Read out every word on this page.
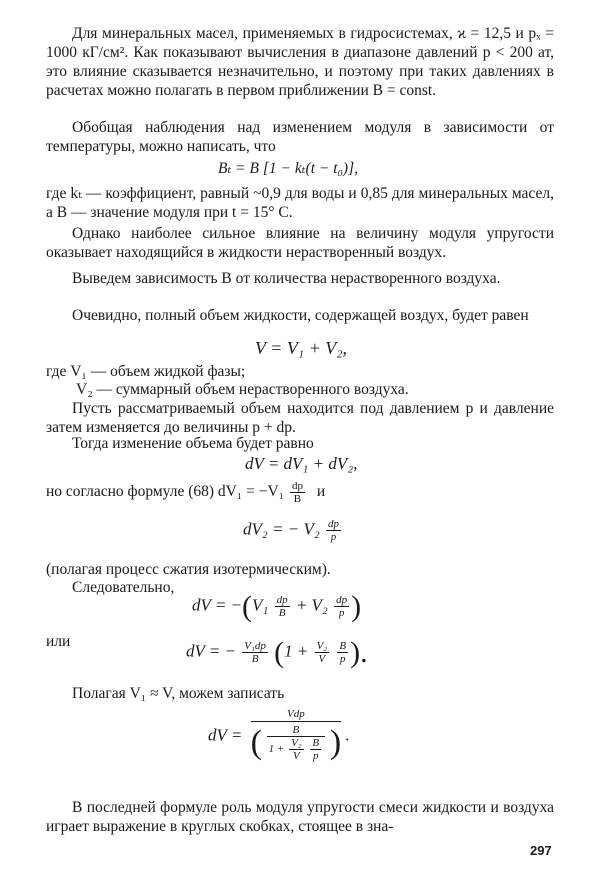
Для минеральных масел, применяемых в гидросистемах, ϰ = 12,5 и pₓ = 1000 кГ/см². Как показывают вычисления в диапазоне давлений p < 200 ат, это влияние сказывается незначительно, и поэтому при таких давлениях в расчетах можно полагать в первом приближении B = const.

Обобщая наблюдения над изменением модуля в зависимости от температуры, можно написать, что

Bₜ = B [1 − kₜ(t − t₀)],

где kₜ — коэффициент, равный ~0,9 для воды и 0,85 для минеральных масел, а B — значение модуля при t = 15° С.

Однако наиболее сильное влияние на величину модуля упругости оказывает находящийся в жидкости нерастворенный воздух.

Выведем зависимость B от количества нерастворенного воздуха.

Очевидно, полный объем жидкости, содержащей воздух, будет равен

V = V₁ + V₂,

где V₁ — объем жидкой фазы;

V₂ — суммарный объем нерастворенного воздуха.

Пусть рассматриваемый объем находится под давлением p и давление затем изменяется до величины p + dp.

Тогда изменение объема будет равно

dV = dV₁ + dV₂,
но согласно формуле (68) $dV_1 = -V_1 \frac{dp}{B}$ и
dV₂ = − $V_2 \frac{dp}{p}$

(полагая процесс сжатия изотермическим).

Следовательно,

dV = $-(V_1 \frac{dp}{B} + V_2 \frac{dp}{p}$ )

или	dV = − $\frac{\text{V₁dp}}{B} (1 + \frac{\text{V₂}}{V}$
$\frac{B}{p}$ ).

Полагая V₁ ≈ V, можем записать

dV =
Vdp
( B
$1 + \frac{\text{V₂}}{V}$
$\frac{B}{p}$ ) .

В последней формуле роль модуля упругости смеси жидкости и воздуха играет выражение в круглых скобках, стоящее в зна-

297
